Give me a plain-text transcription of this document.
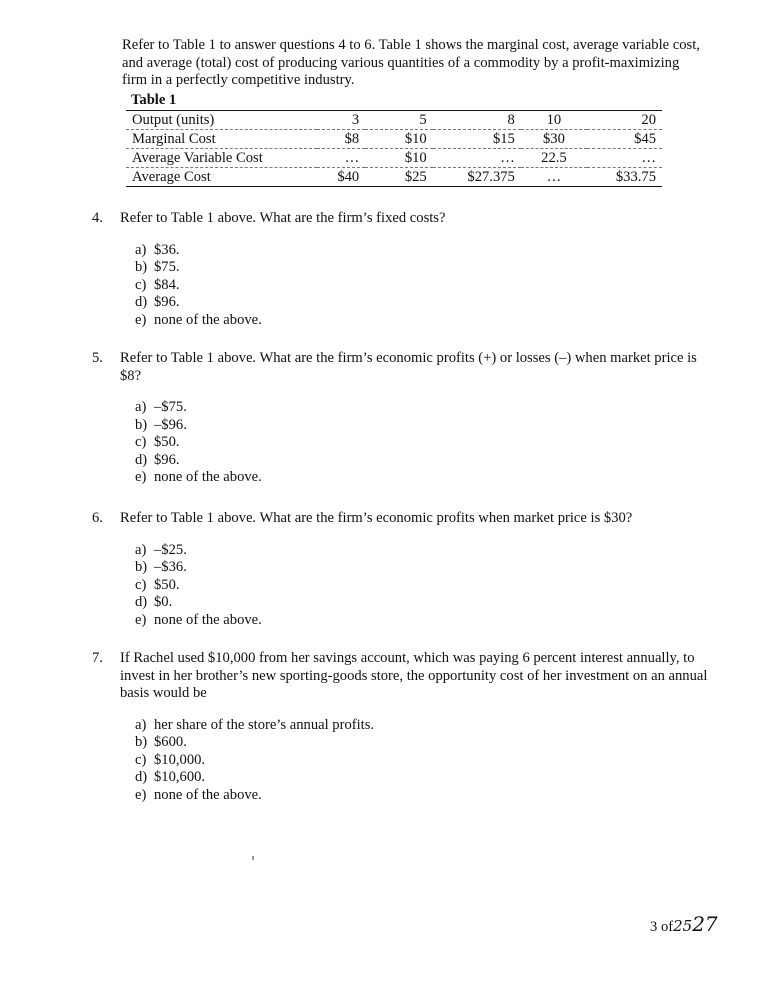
Refer to Table 1 to answer questions 4 to 6. Table 1 shows the marginal cost, average variable cost, and average (total) cost of producing various quantities of a commodity by a profit-maximizing firm in a perfectly competitive industry.
Table 1
Output (units)	3	5	8	10	20
Marginal Cost	$8	$10	$15	$30	$45
Average Variable Cost	…	$10	…	22.5	…
Average Cost	$40	$25	$27.375	…	$33.75
4. Refer to Table 1 above. What are the firm’s fixed costs?
a) $36.
b) $75.
c) $84.
d) $96.
e) none of the above.
5. Refer to Table 1 above. What are the firm’s economic profits (+) or losses (–) when market price is $8?
a) –$75.
b) –$96.
c) $50.
d) $96.
e) none of the above.
6. Refer to Table 1 above. What are the firm’s economic profits when market price is $30?
a) –$25.
b) –$36.
c) $50.
d) $0.
e) none of the above.
7. If Rachel used $10,000 from her savings account, which was paying 6 percent interest annually, to invest in her brother’s new sporting-goods store, the opportunity cost of her investment on an annual basis would be
a) her share of the store’s annual profits.
b) $600.
c) $10,000.
d) $10,600.
e) none of the above.
3 of2527
